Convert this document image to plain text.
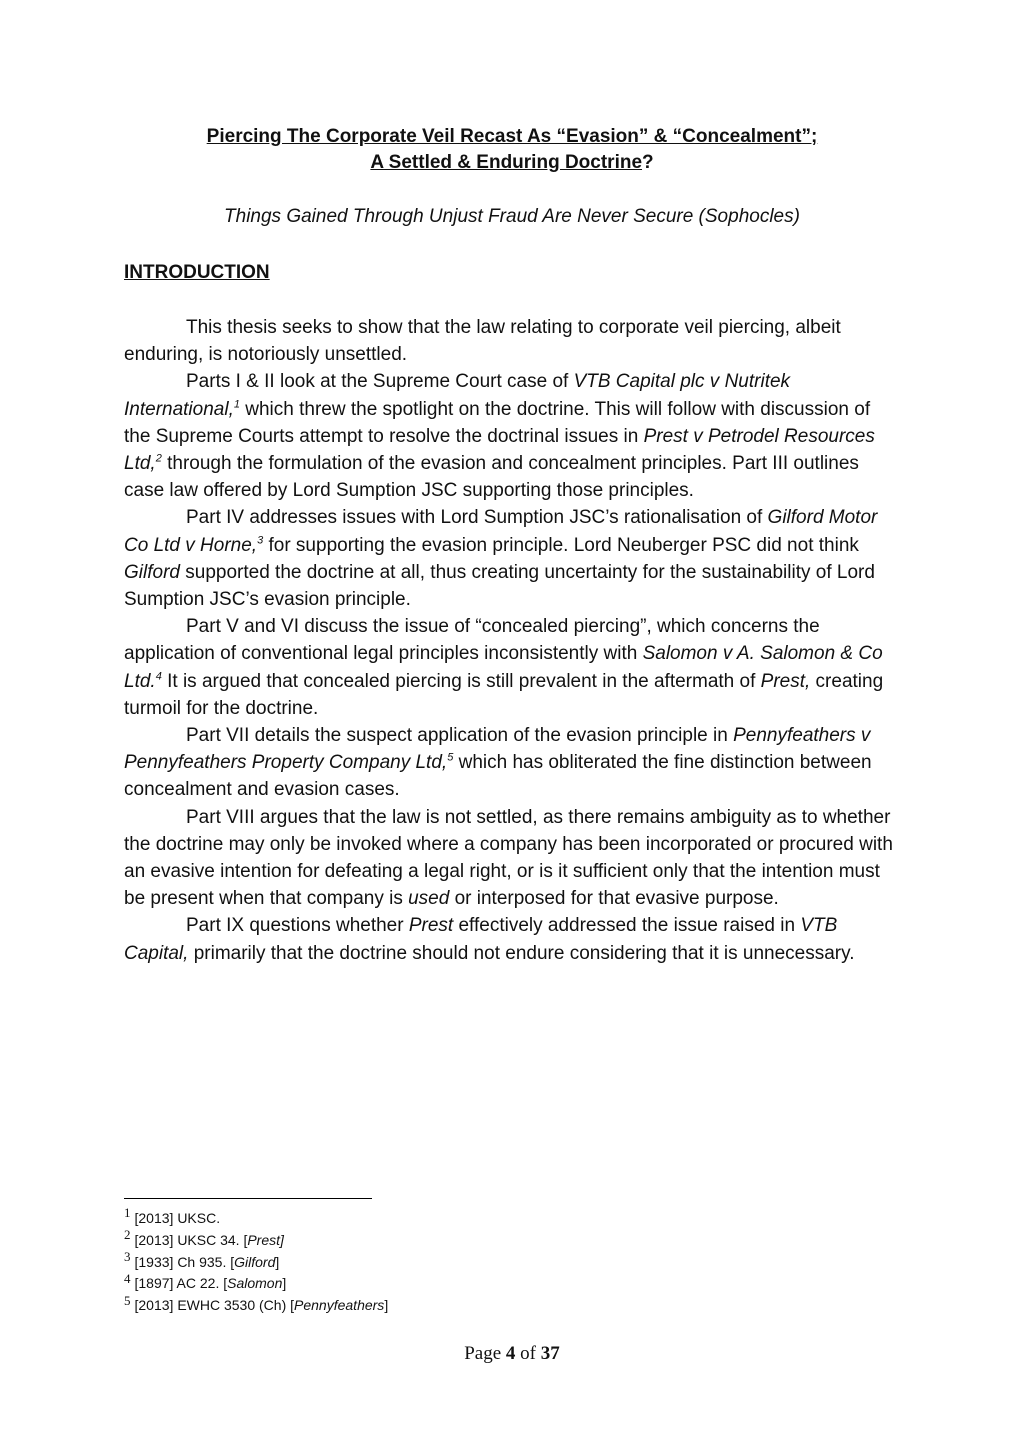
Piercing The Corporate Veil Recast As “Evasion” & “Concealment”;
A Settled & Enduring Doctrine?
Things Gained Through Unjust Fraud Are Never Secure (Sophocles)
INTRODUCTION

This thesis seeks to show that the law relating to corporate veil piercing, albeit enduring, is notoriously unsettled.

Parts I & II look at the Supreme Court case of VTB Capital plc v Nutritek International,$^1$ which threw the spotlight on the doctrine. This will follow with discussion of the Supreme Courts attempt to resolve the doctrinal issues in Prest v Petrodel Resources Ltd,$^2$ through the formulation of the evasion and concealment principles. Part III outlines case law offered by Lord Sumption JSC supporting those principles.

Part IV addresses issues with Lord Sumption JSC’s rationalisation of Gilford Motor Co Ltd v Horne,$^3$ for supporting the evasion principle. Lord Neuberger PSC did not think Gilford supported the doctrine at all, thus creating uncertainty for the sustainability of Lord Sumption JSC’s evasion principle.

Part V and VI discuss the issue of “concealed piercing”, which concerns the application of conventional legal principles inconsistently with Salomon v A. Salomon & Co Ltd.$^4$ It is argued that concealed piercing is still prevalent in the aftermath of Prest, creating turmoil for the doctrine.

Part VII details the suspect application of the evasion principle in Pennyfeathers v Pennyfeathers Property Company Ltd,$^5$ which has obliterated the fine distinction between concealment and evasion cases.

Part VIII argues that the law is not settled, as there remains ambiguity as to whether the doctrine may only be invoked where a company has been incorporated or procured with an evasive intention for defeating a legal right, or is it sufficient only that the intention must be present when that company is used or interposed for that evasive purpose.

Part IX questions whether Prest effectively addressed the issue raised in VTB Capital, primarily that the doctrine should not endure considering that it is unnecessary.

1 [2013] UKSC.

2 [2013] UKSC 34. [Prest]

3 [1933] Ch 935. [Gilford]

4 [1897] AC 22. [Salomon]

5 [2013] EWHC 3530 (Ch) [Pennyfeathers]

Page 4 of 37
